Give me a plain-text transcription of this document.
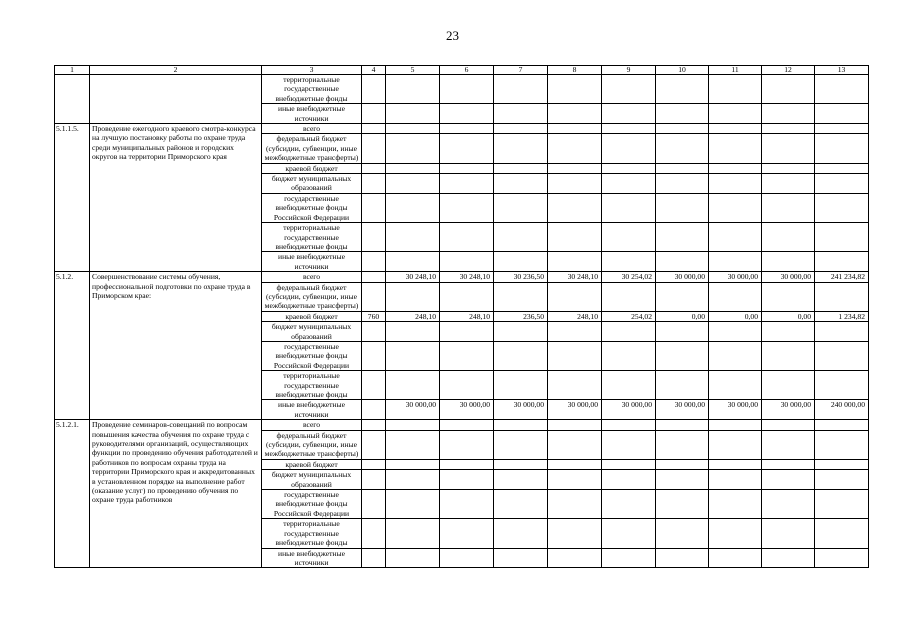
23
1	2	3	4	5	6	7	8	9	10	11	12	13
		территориальные государственные внебюджетные фонды										
		иные внебюджетные источники										
5.1.1.5.	Проведение ежегодного краевого смотра-конкурса на лучшую постановку работы по охране труда среди муниципальных районов и городских округов на территории Приморского края	всего										
		федеральный бюджет (субсидии, субвенции, иные межбюджетные трансферты)										
		краевой бюджет										
		бюджет муниципальных образований										
		государственные внебюджетные фонды Российской Федерации										
		территориальные государственные внебюджетные фонды										
		иные внебюджетные источники										
5.1.2.	Совершенствование системы обучения, профессиональной подготовки по охране труда в Приморском крае:	всего		30 248,10	30 248,10	30 236,50	30 248,10	30 254,02	30 000,00	30 000,00	30 000,00	241 234,82
		федеральный бюджет (субсидии, субвенции, иные межбюджетные трансферты)										
		краевой бюджет	760	248,10	248,10	236,50	248,10	254,02	0,00	0,00	0,00	1 234,82
		бюджет муниципальных образований										
		государственные внебюджетные фонды Российской Федерации										
		территориальные государственные внебюджетные фонды										
		иные внебюджетные источники		30 000,00	30 000,00	30 000,00	30 000,00	30 000,00	30 000,00	30 000,00	30 000,00	240 000,00
5.1.2.1.	Проведение семинаров-совещаний по вопросам повышения качества обучения по охране труда с руководителями организаций, осуществляющих функции по проведению обучения работодателей и работников по вопросам охраны труда на территории Приморского края и аккредитованных в установленном порядке на выполнение работ (оказание услуг) по проведению обучения по охране труда работников	всего										
		федеральный бюджет (субсидии, субвенции, иные межбюджетные трансферты)										
		краевой бюджет										
		бюджет муниципальных образований										
		государственные внебюджетные фонды Российской Федерации										
		территориальные государственные внебюджетные фонды										
		иные внебюджетные источники										
